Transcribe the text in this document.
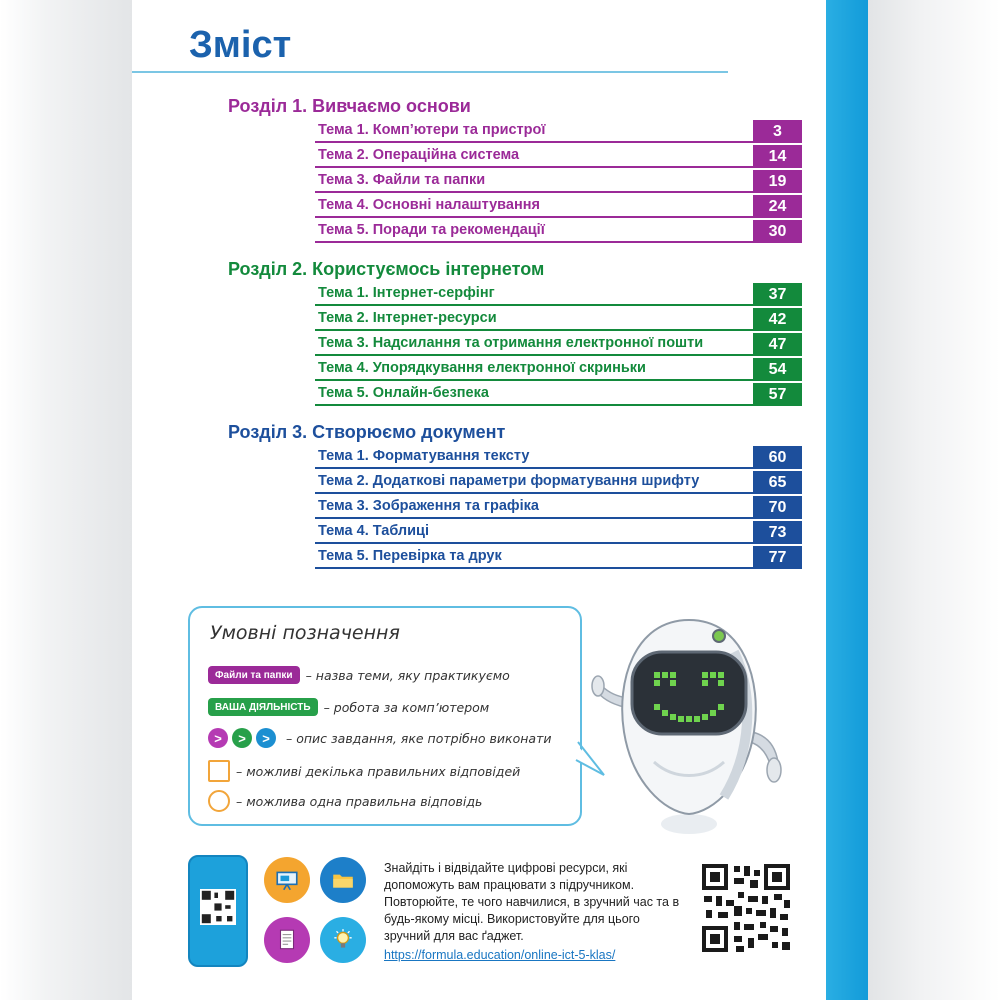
Зміст
Розділ 1. Вивчаємо основи
Тема 1. Комп’ютери та пристрої	3
Тема 2. Операційна система	14
Тема 3. Файли та папки	19
Тема 4. Основні налаштування	24
Тема 5. Поради та рекомендації	30
Розділ 2. Користуємось інтернетом
Тема 1. Інтернет-серфінг	37
Тема 2. Інтернет-ресурси	42
Тема 3. Надсилання та отримання електронної пошти	47
Тема 4. Упорядкування електронної скриньки	54
Тема 5. Онлайн-безпека	57
Розділ 3. Створюємо документ
Тема 1. Форматування тексту	60
Тема 2. Додаткові параметри форматування шрифту	65
Тема 3. Зображення та графіка	70
Тема 4. Таблиці	73
Тема 5. Перевірка та друк	77
Умовні позначення
Файли та папки	– назва теми, яку практикуємо
ВАША ДІЯЛЬНІСТЬ	– робота за комп’ютером
>	>	>	– опис завдання, яке потрібно виконати
– можливі декілька правильних відповідей
– можлива одна правильна відповідь
Знайдіть і відвідайте цифрові ресурси, які допоможуть вам працювати з підручником. Повторюйте, те чого навчилися, в зручний час та в будь-якому місці. Використовуйте для цього зручний для вас ґаджет.
https://formula.education/online-ict-5-klas/
